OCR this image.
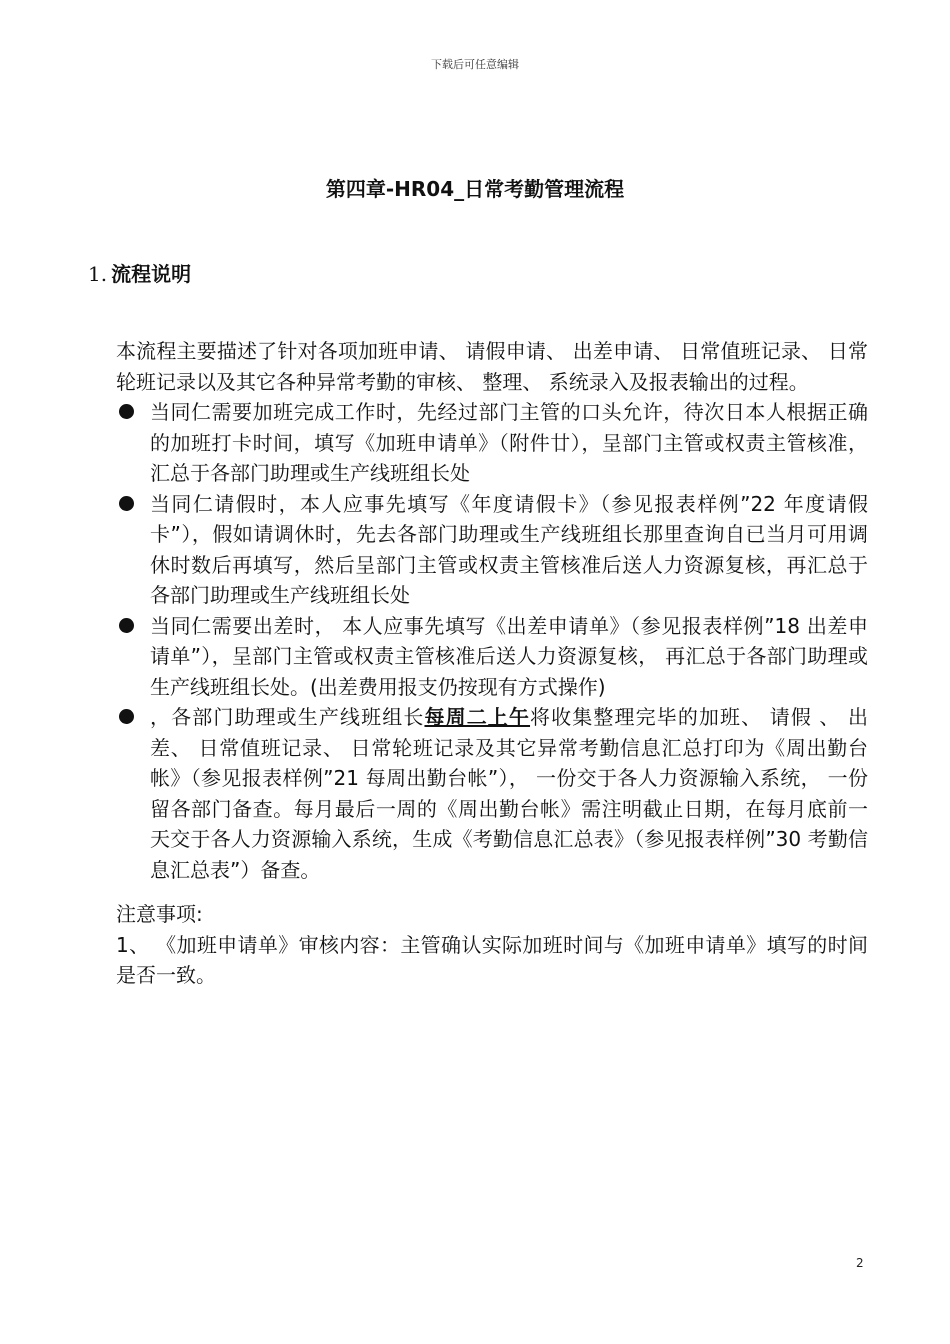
下载后可任意编辑
第四章-HR04_日常考勤管理流程
1. 流程说明

本流程主要描述了针对各项加班申请、 请假申请、 出差申请、 日常值班记录、 日常轮班记录以及其它各种异常考勤的审核、 整理、 系统录入及报表输出的过程。

当同仁需要加班完成工作时，先经过部门主管的口头允许，待次日本人根据正确的加班打卡时间，填写《加班申请单》（附件廿），呈部门主管或权责主管核准，汇总于各部门助理或生产线班组长处
当同仁请假时，本人应事先填写《年度请假卡》（参见报表样例”22 年度请假卡”），假如请调休时，先去各部门助理或生产线班组长那里查询自已当月可用调休时数后再填写，然后呈部门主管或权责主管核准后送人力资源复核，再汇总于各部门助理或生产线班组长处
当同仁需要出差时， 本人应事先填写《出差申请单》（参见报表样例”18 出差申请单”），呈部门主管或权责主管核准后送人力资源复核， 再汇总于各部门助理或生产线班组长处。(出差费用报支仍按现有方式操作)
，各部门助理或生产线班组长每周二上午将收集整理完毕的加班、 请假 、 出差、 日常值班记录、 日常轮班记录及其它异常考勤信息汇总打印为《周出勤台帐》（参见报表样例”21 每周出勤台帐”）， 一份交于各人力资源输入系统， 一份留各部门备查。每月最后一周的《周出勤台帐》需注明截止日期，在每月底前一天交于各人力资源输入系统，生成《考勤信息汇总表》（参见报表样例”30 考勤信息汇总表”）备查。

注意事项:

1、 《加班申请单》审核内容：主管确认实际加班时间与《加班申请单》填写的时间是否一致。

2
